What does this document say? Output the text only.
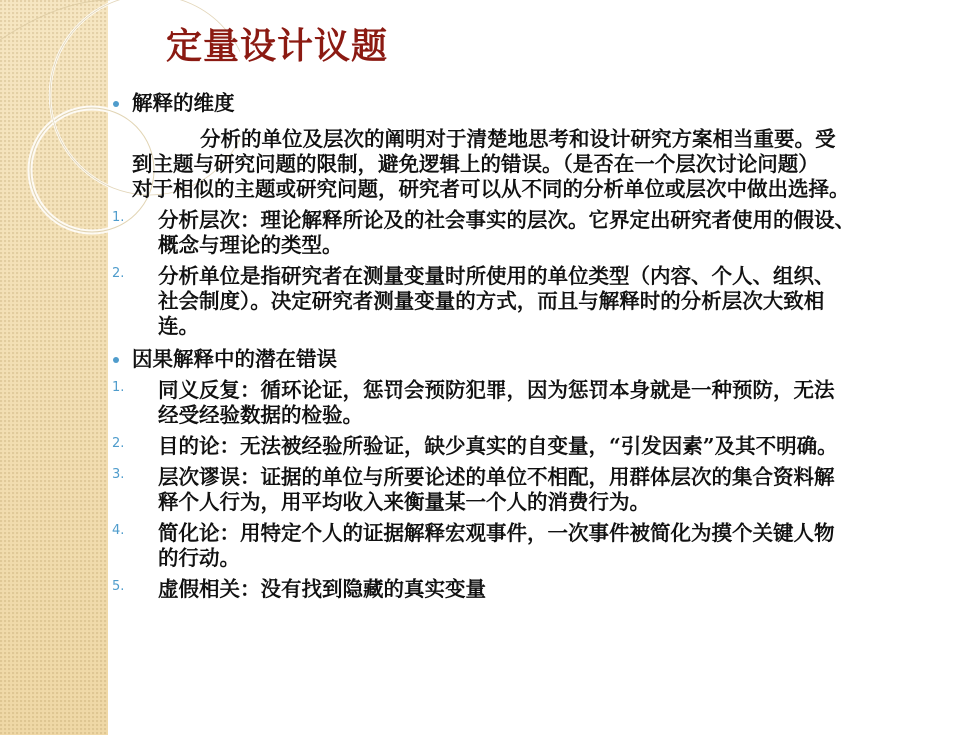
定量设计议题

解释的维度

分析的单位及层次的阐明对于清楚地思考和设计研究方案相当重要。受

到主题与研究问题的限制，避免逻辑上的错误。（是否在一个层次讨论问题）

对于相似的主题或研究问题，研究者可以从不同的分析单位或层次中做出选择。

1. 分析层次：理论解释所论及的社会事实的层次。它界定出研究者使用的假设、

概念与理论的类型。

2. 分析单位是指研究者在测量变量时所使用的单位类型（内容、个人、组织、

社会制度）。决定研究者测量变量的方式，而且与解释时的分析层次大致相

连。

因果解释中的潜在错误

1. 同义反复：循环论证，惩罚会预防犯罪，因为惩罚本身就是一种预防，无法

经受经验数据的检验。

2. 目的论：无法被经验所验证，缺少真实的自变量，“引发因素”及其不明确。

3. 层次谬误：证据的单位与所要论述的单位不相配，用群体层次的集合资料解

释个人行为，用平均收入来衡量某一个人的消费行为。

4. 简化论：用特定个人的证据解释宏观事件，一次事件被简化为摸个关键人物

的行动。

5. 虚假相关：没有找到隐藏的真实变量
